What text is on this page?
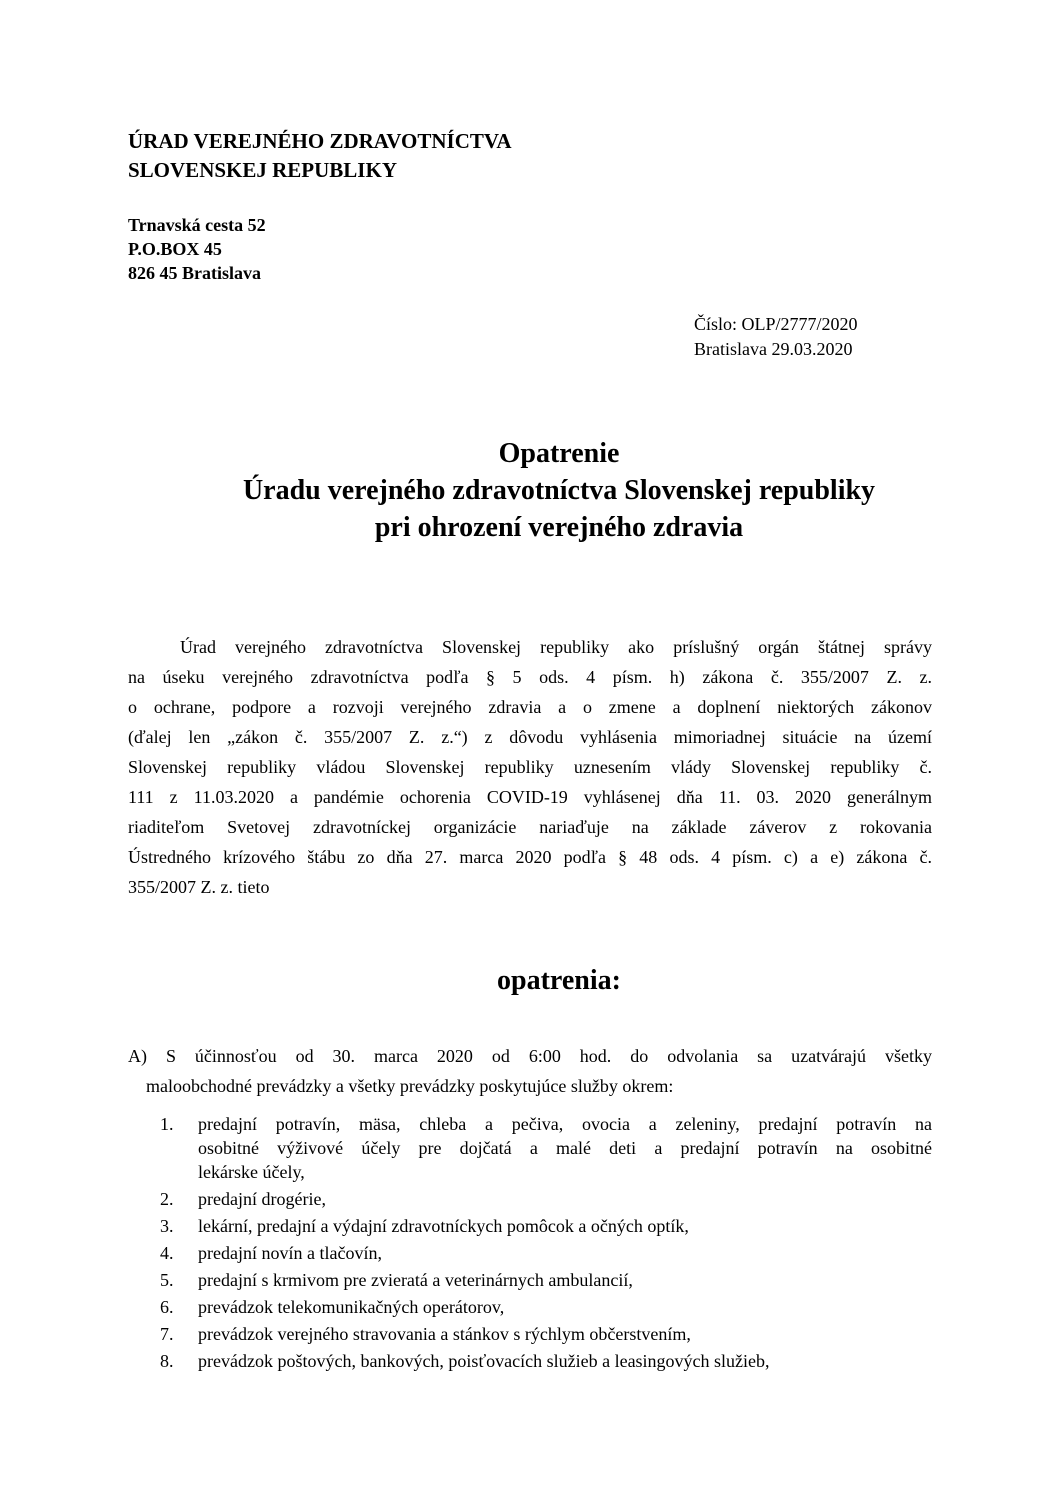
ÚRAD VEREJNÉHO ZDRAVOTNÍCTVA
SLOVENSKEJ REPUBLIKY
Trnavská cesta 52
P.O.BOX 45
826 45 Bratislava
Číslo: OLP/2777/2020
Bratislava 29.03.2020
Opatrenie
Úradu verejného zdravotníctva Slovenskej republiky
pri ohrození verejného zdravia
Úrad verejného zdravotníctva Slovenskej republiky ako príslušný orgán štátnej správy
na úseku verejného zdravotníctva podľa § 5 ods. 4 písm. h) zákona č. 355/2007 Z. z.
o ochrane, podpore a rozvoji verejného zdravia a o zmene a doplnení niektorých zákonov
(ďalej len „zákon č. 355/2007 Z. z.“) z dôvodu vyhlásenia mimoriadnej situácie na území
Slovenskej republiky vládou Slovenskej republiky uznesením vlády Slovenskej republiky č.
111 z 11.03.2020 a pandémie ochorenia COVID-19 vyhlásenej dňa 11. 03. 2020 generálnym
riaditeľom Svetovej zdravotníckej organizácie nariaďuje na základe záverov z rokovania
Ústredného krízového štábu zo dňa 27. marca 2020 podľa § 48 ods. 4 písm. c) a e) zákona č.
355/2007 Z. z. tieto
opatrenia:
A) S účinnosťou od 30. marca 2020 od 6:00 hod. do odvolania sa uzatvárajú všetky
maloobchodné prevádzky a všetky prevádzky poskytujúce služby okrem:
1. predajní potravín, mäsa, chleba a pečiva, ovocia a zeleniny, predajní potravín na
osobitné výživové účely pre dojčatá a malé deti a predajní potravín na osobitné
lekárske účely,
2. predajní drogérie,
3. lekární, predajní a výdajní zdravotníckych pomôcok a očných optík,
4. predajní novín a tlačovín,
5. predajní s krmivom pre zvieratá a veterinárnych ambulancií,
6. prevádzok telekomunikačných operátorov,
7. prevádzok verejného stravovania a stánkov s rýchlym občerstvením,
8. prevádzok poštových, bankových, poisťovacích služieb a leasingových služieb,
